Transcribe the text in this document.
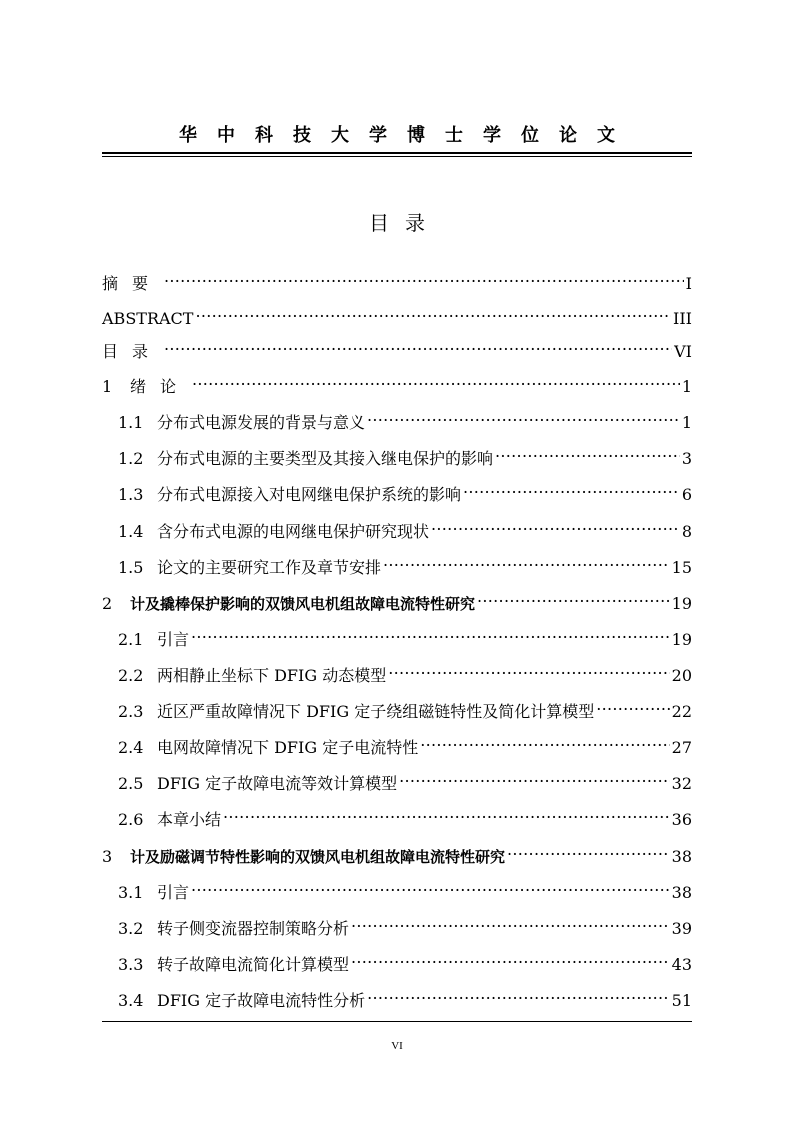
华中科技大学博士学位论文
目录
摘要 .....	I
ABSTRACT .....	III
目录 .....	VI
1	绪论 .....	1
1.1 分布式电源发展的背景与意义 .....	1
1.2 分布式电源的主要类型及其接入继电保护的影响 .....	3
1.3 分布式电源接入对电网继电保护系统的影响 .....	6
1.4 含分布式电源的电网继电保护研究现状 .....	8
1.5 论文的主要研究工作及章节安排 .....	15
2	计及撬棒保护影响的双馈风电机组故障电流特性研究 .....	19
2.1 引言 .....	19
2.2 两相静止坐标下 DFIG 动态模型 .....	20
2.3 近区严重故障情况下 DFIG 定子绕组磁链特性及简化计算模型 .....	22
2.4 电网故障情况下 DFIG 定子电流特性 .....	27
2.5 DFIG 定子故障电流等效计算模型 .....	32
2.6 本章小结 .....	36
3	计及励磁调节特性影响的双馈风电机组故障电流特性研究 .....	38
3.1 引言 .....	38
3.2 转子侧变流器控制策略分析 .....	39
3.3 转子故障电流简化计算模型 .....	43
3.4 DFIG 定子故障电流特性分析 .....	51
VI
